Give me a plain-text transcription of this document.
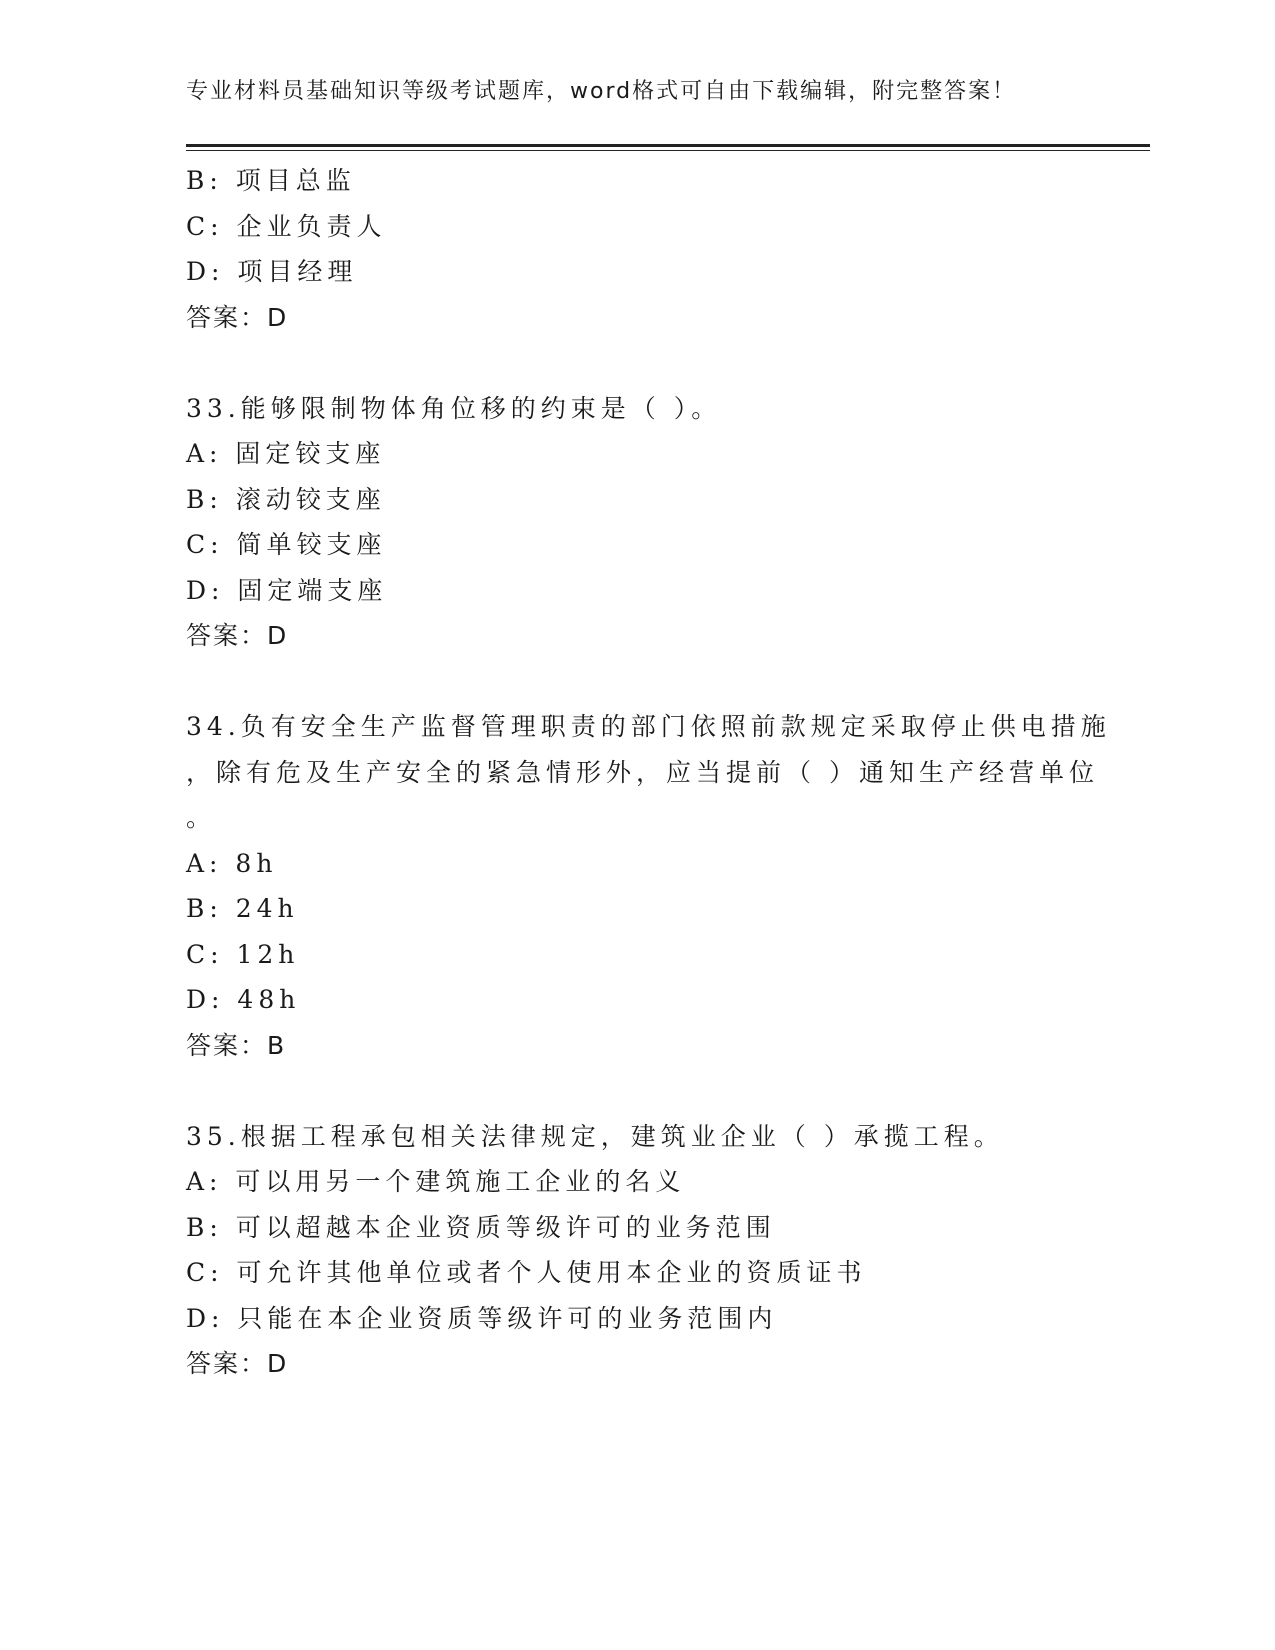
专业材料员基础知识等级考试题库，word格式可自由下载编辑，附完整答案！
B: 项目总监
C: 企业负责人
D: 项目经理
答案：D
33.能够限制物体角位移的约束是（ ）。
A: 固定铰支座
B: 滚动铰支座
C: 简单铰支座
D: 固定端支座
答案：D
34.负有安全生产监督管理职责的部门依照前款规定采取停止供电措施
，除有危及生产安全的紧急情形外，应当提前（ ）通知生产经营单位
。
A: 8h
B: 24h
C: 12h
D: 48h
答案：B
35.根据工程承包相关法律规定，建筑业企业（ ）承揽工程。
A: 可以用另一个建筑施工企业的名义
B: 可以超越本企业资质等级许可的业务范围
C: 可允许其他单位或者个人使用本企业的资质证书
D: 只能在本企业资质等级许可的业务范围内
答案：D
